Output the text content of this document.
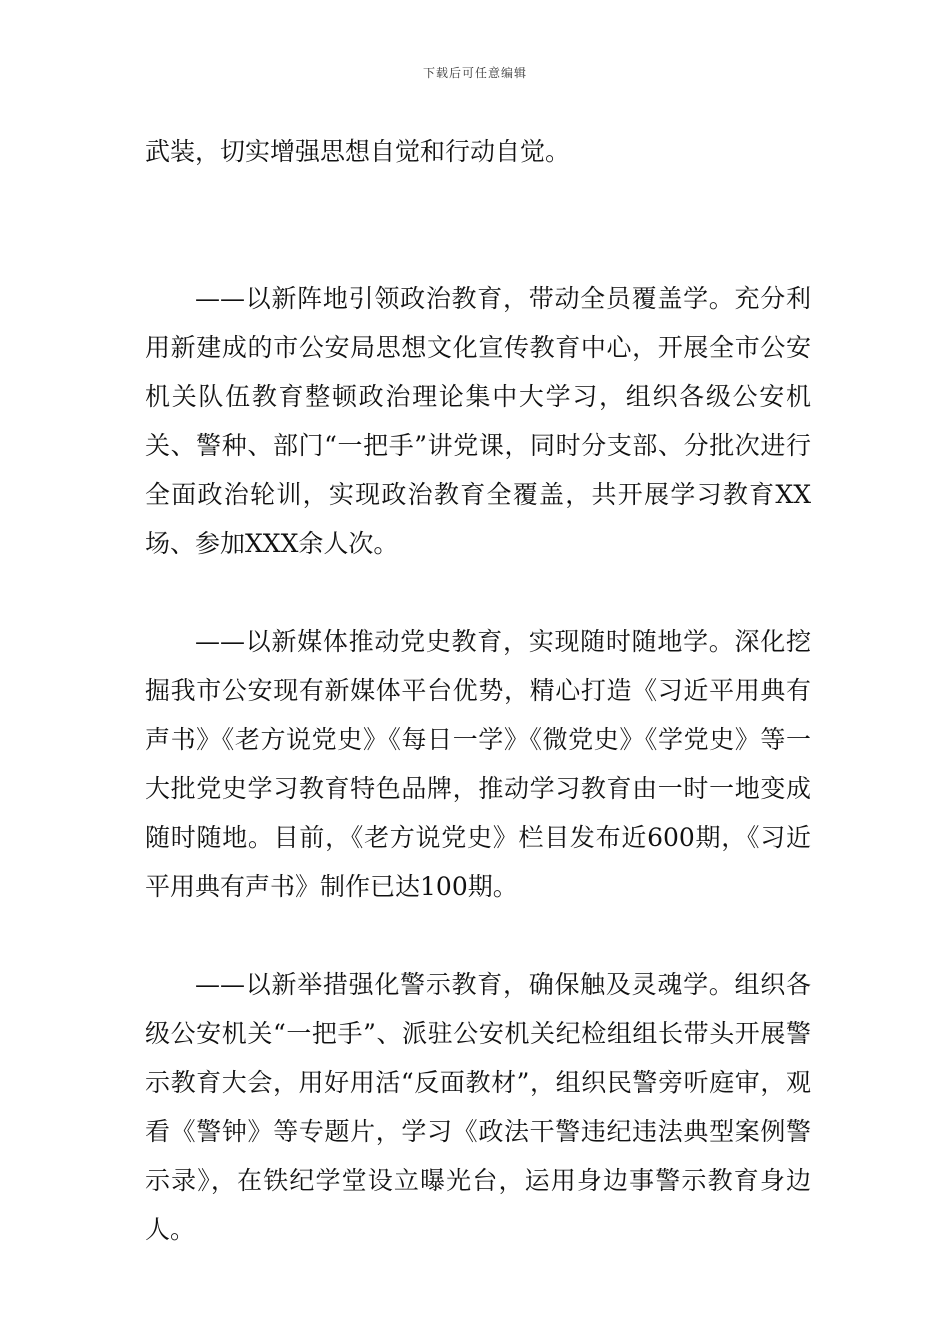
下载后可任意编辑

武装，切实增强思想自觉和行动自觉。

——以新阵地引领政治教育，带动全员覆盖学。充分利用新建成的市公安局思想文化宣传教育中心，开展全市公安机关队伍教育整顿政治理论集中大学习，组织各级公安机关、警种、部门“一把手”讲党课，同时分支部、分批次进行全面政治轮训，实现政治教育全覆盖，共开展学习教育XX场、参加XXX余人次。

——以新媒体推动党史教育，实现随时随地学。深化挖掘我市公安现有新媒体平台优势，精心打造《习近平用典有声书》《老方说党史》《每日一学》《微党史》《学党史》等一大批党史学习教育特色品牌，推动学习教育由一时一地变成随时随地。目前，《老方说党史》栏目发布近600期，《习近平用典有声书》制作已达100期。

——以新举措强化警示教育，确保触及灵魂学。组织各级公安机关“一把手”、派驻公安机关纪检组组长带头开展警示教育大会，用好用活“反面教材”，组织民警旁听庭审，观看《警钟》等专题片，学习《政法干警违纪违法典型案例警示录》，在铁纪学堂设立曝光台，运用身边事警示教育身边人。
